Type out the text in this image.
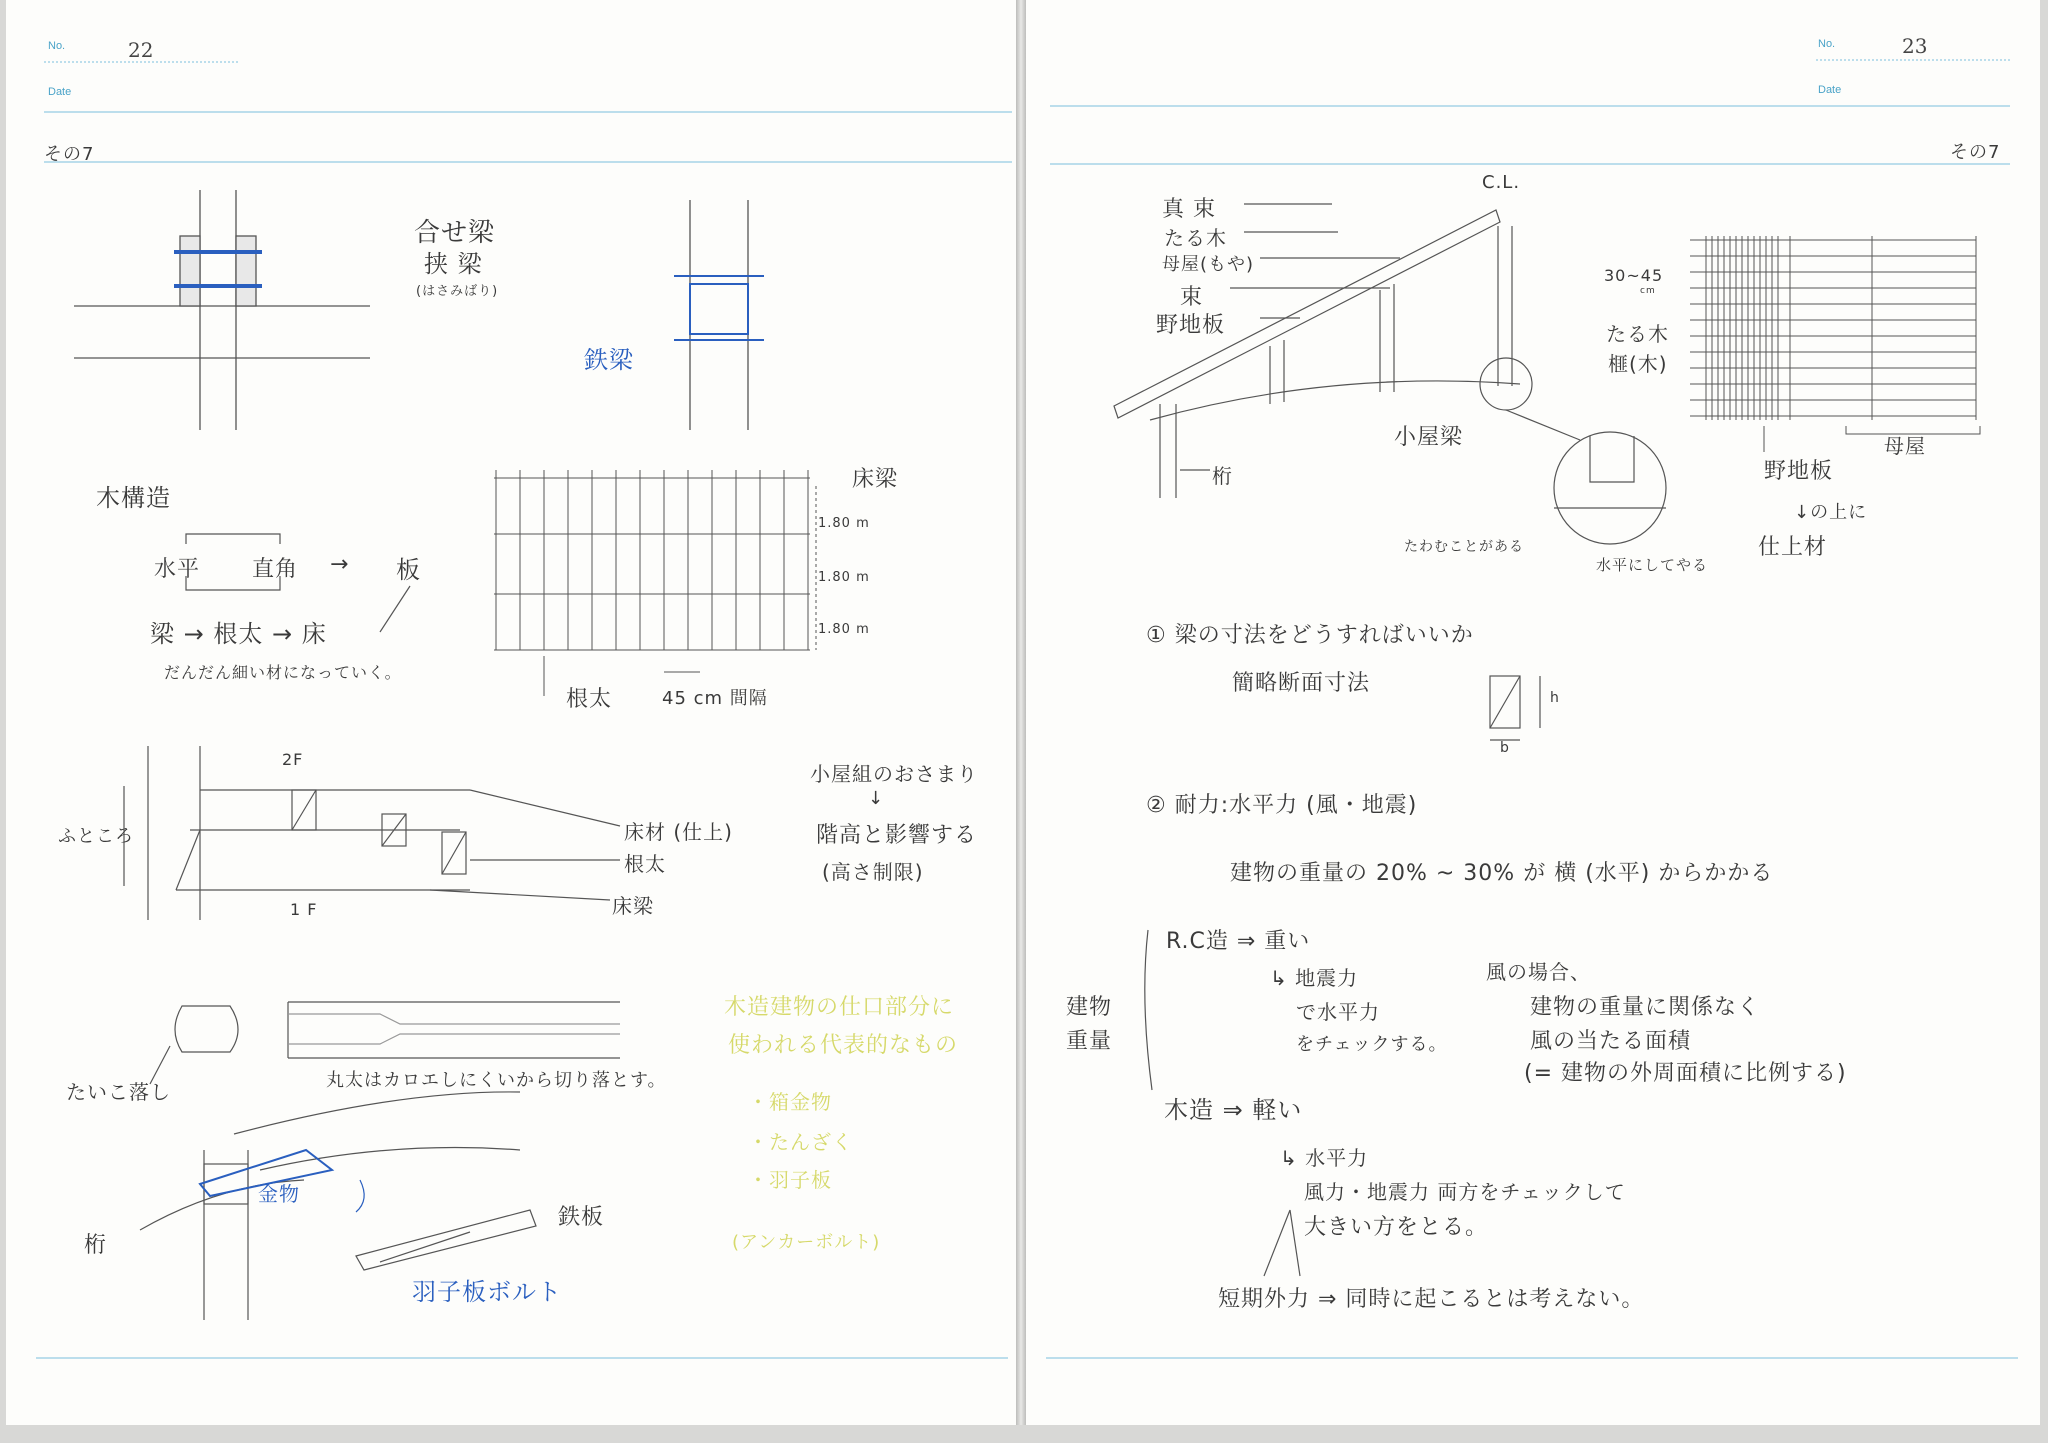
No.
Date
22
その7
合せ梁
挟 梁
(はさみばり)
鉄梁
木構造
水平 直角 → 板
梁 → 根太 → 床
だんだん細い材になっていく。
床梁
1.80 m
1.80 m
1.80 m
根太	45 cm 間隔
2F
1 F
ふところ	床材 (仕上)
根太
床梁
小屋組のおさまり
↓
階高と影響する
(高さ制限)
たいこ落し	丸太はカロエしにくいから切り落とす。
木造建物の仕口部分に
使われる代表的なもの
・箱金物
・たんざく
・羽子板
(アンカーボルト)
桁
金物
鉄板
羽子板ボルト
No.
Date
23
その7
C.L.
真 束
たる木
母屋(もや)
束
野地板
桁
小屋梁
たわむことがある
水平にしてやる
30~45
cm
たる木
榧(木)
母屋
野地板
↓の上に
仕上材
① 梁の寸法をどうすればいいか
簡略断面寸法
h
b
② 耐力:水平力 (風・地震)
建物の重量の 20% ~ 30% が 横 (水平) からかかる
建物
重量
R.C造 ⇒ 重い
↳ 地震力
で水平力
をチェックする。
風の場合、
建物の重量に関係なく
風の当たる面積
(= 建物の外周面積に比例する)
木造 ⇒ 軽い
↳ 水平力
風力・地震力 両方をチェックして
大きい方をとる。
短期外力 ⇒ 同時に起こるとは考えない。
